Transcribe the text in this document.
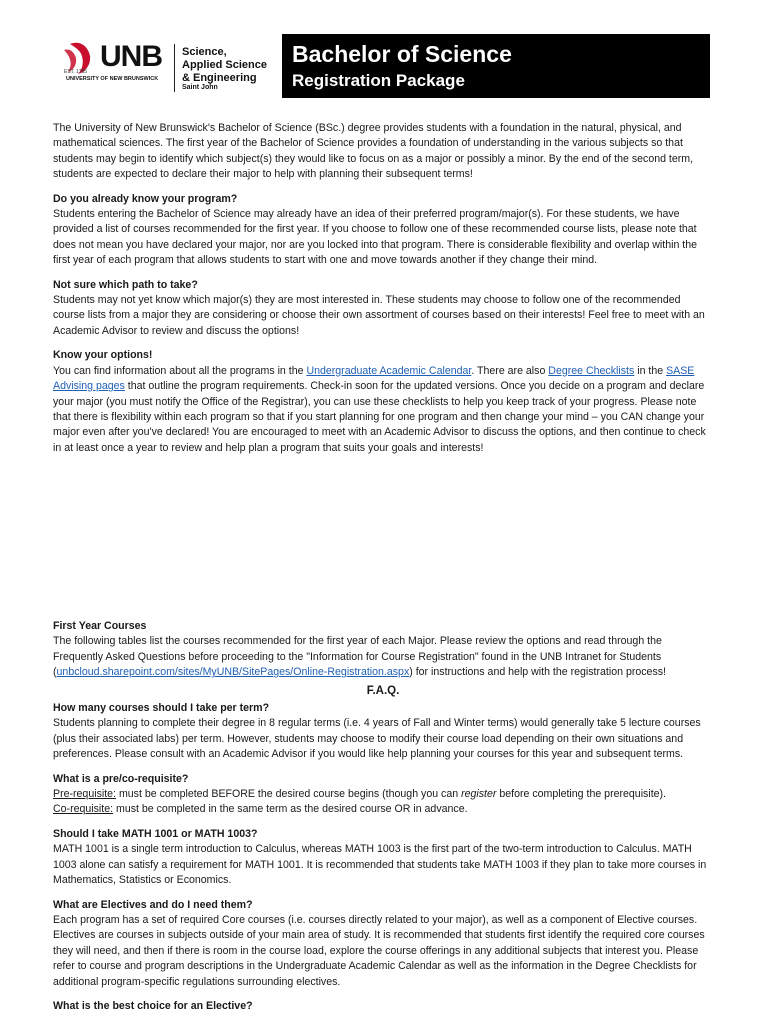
UNB
EST. 1785
UNIVERSITY OF NEW BRUNSWICK
Science,
Applied Science
& Engineering
Saint John
Bachelor of Science
Registration Package

The University of New Brunswick's Bachelor of Science (BSc.) degree provides students with a foundation in the natural, physical, and mathematical sciences. The first year of the Bachelor of Science provides a foundation of understanding in the various subjects so that students may begin to identify which subject(s) they would like to focus on as a major or possibly a minor. By the end of the second term, students are expected to declare their major to help with planning their subsequent terms!

Do you already know your program?
Students entering the Bachelor of Science may already have an idea of their preferred program/major(s). For these students, we have provided a list of courses recommended for the first year. If you choose to follow one of these recommended course lists, please note that does not mean you have declared your major, nor are you locked into that program. There is considerable flexibility and overlap within the first year of each program that allows students to start with one and move towards another if they change their mind.

Not sure which path to take?
Students may not yet know which major(s) they are most interested in. These students may choose to follow one of the recommended course lists from a major they are considering or choose their own assortment of courses based on their interests! Feel free to meet with an Academic Advisor to review and discuss the options!

Know your options!
You can find information about all the programs in the Undergraduate Academic Calendar. There are also Degree Checklists in the SASE Advising pages that outline the program requirements. Check-in soon for the updated versions. Once you decide on a program and declare your major (you must notify the Office of the Registrar), you can use these checklists to help you keep track of your progress. Please note that there is flexibility within each program so that if you start planning for one program and then change your mind – you CAN change your major even after you've declared! You are encouraged to meet with an Academic Advisor to discuss the options, and then continue to check in at least once a year to review and help plan a program that suits your goals and interests!

First Year Courses
The following tables list the courses recommended for the first year of each Major. Please review the options and read through the Frequently Asked Questions before proceeding to the "Information for Course Registration" found in the UNB Intranet for Students (unbcloud.sharepoint.com/sites/MyUNB/SitePages/Online-Registration.aspx) for instructions and help with the registration process!

F.A.Q.

How many courses should I take per term?
Students planning to complete their degree in 8 regular terms (i.e. 4 years of Fall and Winter terms) would generally take 5 lecture courses (plus their associated labs) per term. However, students may choose to modify their course load depending on their own situations and preferences. Please consult with an Academic Advisor if you would like help planning your courses for this year and subsequent terms.

What is a pre/co-requisite?
Pre-requisite: must be completed BEFORE the desired course begins (though you can register before completing the prerequisite).
Co-requisite: must be completed in the same term as the desired course OR in advance.

Should I take MATH 1001 or MATH 1003?
MATH 1001 is a single term introduction to Calculus, whereas MATH 1003 is the first part of the two-term introduction to Calculus. MATH 1003 alone can satisfy a requirement for MATH 1001. It is recommended that students take MATH 1003 if they plan to take more courses in Mathematics, Statistics or Economics.

What are Electives and do I need them?
Each program has a set of required Core courses (i.e. courses directly related to your major), as well as a component of Elective courses. Electives are courses in subjects outside of your main area of study. It is recommended that students first identify the required core courses they will need, and then if there is room in the course load, explore the course offerings in any additional subjects that interest you. Please refer to course and program descriptions in the Undergraduate Academic Calendar as well as the information in the Degree Checklists for additional program-specific regulations surrounding electives.

What is the best choice for an Elective?
